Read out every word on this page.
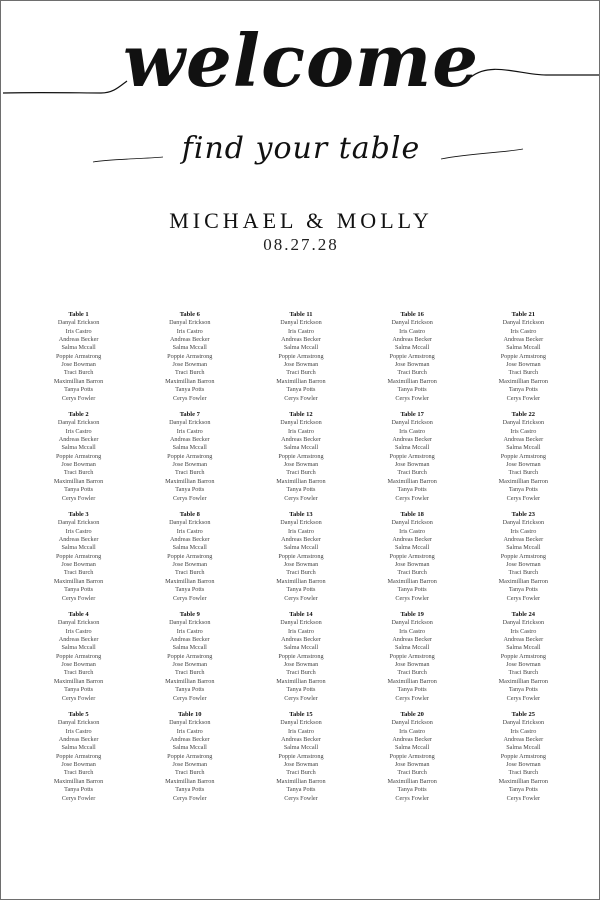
welcome
find your table
MICHAEL & MOLLY
08.27.28
Table 1
Danyal Erickson
Iris Castro
Andreas Becker
Salma Mccall
Poppie Armstrong
Jose Bowman
Traci Burch
Maximillian Barron
Tanya Potts
Cerys Fowler
Table 2
Danyal Erickson
Iris Castro
Andreas Becker
Salma Mccall
Poppie Armstrong
Jose Bowman
Traci Burch
Maximillian Barron
Tanya Potts
Cerys Fowler
Table 3
Danyal Erickson
Iris Castro
Andreas Becker
Salma Mccall
Poppie Armstrong
Jose Bowman
Traci Burch
Maximillian Barron
Tanya Potts
Cerys Fowler
Table 4
Danyal Erickson
Iris Castro
Andreas Becker
Salma Mccall
Poppie Armstrong
Jose Bowman
Traci Burch
Maximillian Barron
Tanya Potts
Cerys Fowler
Table 5
Danyal Erickson
Iris Castro
Andreas Becker
Salma Mccall
Poppie Armstrong
Jose Bowman
Traci Burch
Maximillian Barron
Tanya Potts
Cerys Fowler
Table 6
Danyal Erickson
Iris Castro
Andreas Becker
Salma Mccall
Poppie Armstrong
Jose Bowman
Traci Burch
Maximillian Barron
Tanya Potts
Cerys Fowler
Table 7
Danyal Erickson
Iris Castro
Andreas Becker
Salma Mccall
Poppie Armstrong
Jose Bowman
Traci Burch
Maximillian Barron
Tanya Potts
Cerys Fowler
Table 8
Danyal Erickson
Iris Castro
Andreas Becker
Salma Mccall
Poppie Armstrong
Jose Bowman
Traci Burch
Maximillian Barron
Tanya Potts
Cerys Fowler
Table 9
Danyal Erickson
Iris Castro
Andreas Becker
Salma Mccall
Poppie Armstrong
Jose Bowman
Traci Burch
Maximillian Barron
Tanya Potts
Cerys Fowler
Table 10
Danyal Erickson
Iris Castro
Andreas Becker
Salma Mccall
Poppie Armstrong
Jose Bowman
Traci Burch
Maximillian Barron
Tanya Potts
Cerys Fowler
Table 11
Danyal Erickson
Iris Castro
Andreas Becker
Salma Mccall
Poppie Armstrong
Jose Bowman
Traci Burch
Maximillian Barron
Tanya Potts
Cerys Fowler
Table 12
Danyal Erickson
Iris Castro
Andreas Becker
Salma Mccall
Poppie Armstrong
Jose Bowman
Traci Burch
Maximillian Barron
Tanya Potts
Cerys Fowler
Table 13
Danyal Erickson
Iris Castro
Andreas Becker
Salma Mccall
Poppie Armstrong
Jose Bowman
Traci Burch
Maximillian Barron
Tanya Potts
Cerys Fowler
Table 14
Danyal Erickson
Iris Castro
Andreas Becker
Salma Mccall
Poppie Armstrong
Jose Bowman
Traci Burch
Maximillian Barron
Tanya Potts
Cerys Fowler
Table 15
Danyal Erickson
Iris Castro
Andreas Becker
Salma Mccall
Poppie Armstrong
Jose Bowman
Traci Burch
Maximillian Barron
Tanya Potts
Cerys Fowler
Table 16
Danyal Erickson
Iris Castro
Andreas Becker
Salma Mccall
Poppie Armstrong
Jose Bowman
Traci Burch
Maximillian Barron
Tanya Potts
Cerys Fowler
Table 17
Danyal Erickson
Iris Castro
Andreas Becker
Salma Mccall
Poppie Armstrong
Jose Bowman
Traci Burch
Maximillian Barron
Tanya Potts
Cerys Fowler
Table 18
Danyal Erickson
Iris Castro
Andreas Becker
Salma Mccall
Poppie Armstrong
Jose Bowman
Traci Burch
Maximillian Barron
Tanya Potts
Cerys Fowler
Table 19
Danyal Erickson
Iris Castro
Andreas Becker
Salma Mccall
Poppie Armstrong
Jose Bowman
Traci Burch
Maximillian Barron
Tanya Potts
Cerys Fowler
Table 20
Danyal Erickson
Iris Castro
Andreas Becker
Salma Mccall
Poppie Armstrong
Jose Bowman
Traci Burch
Maximillian Barron
Tanya Potts
Cerys Fowler
Table 21
Danyal Erickson
Iris Castro
Andreas Becker
Salma Mccall
Poppie Armstrong
Jose Bowman
Traci Burch
Maximillian Barron
Tanya Potts
Cerys Fowler
Table 22
Danyal Erickson
Iris Castro
Andreas Becker
Salma Mccall
Poppie Armstrong
Jose Bowman
Traci Burch
Maximillian Barron
Tanya Potts
Cerys Fowler
Table 23
Danyal Erickson
Iris Castro
Andreas Becker
Salma Mccall
Poppie Armstrong
Jose Bowman
Traci Burch
Maximillian Barron
Tanya Potts
Cerys Fowler
Table 24
Danyal Erickson
Iris Castro
Andreas Becker
Salma Mccall
Poppie Armstrong
Jose Bowman
Traci Burch
Maximillian Barron
Tanya Potts
Cerys Fowler
Table 25
Danyal Erickson
Iris Castro
Andreas Becker
Salma Mccall
Poppie Armstrong
Jose Bowman
Traci Burch
Maximillian Barron
Tanya Potts
Cerys Fowler
